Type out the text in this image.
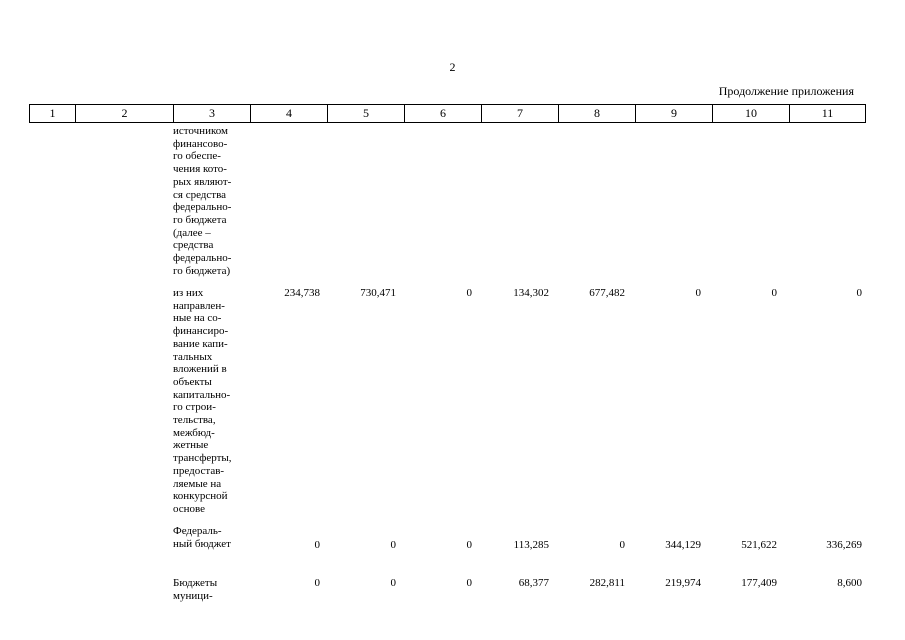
2
Продолжение приложения
1	2	3	4	5	6	7	8	9	10	11
источником
финансово-
го обеспе-
чения кото-
рых являют-
ся средства
федерально-
го бюджета
(далее –
средства
федерально-
го бюджета)
из них
направлен-
ные на со-
финансиро-
вание капи-
тальных
вложений в
объекты
капитально-
го строи-
тельства,
межбюд-
жетные
трансферты,
предостав-
ляемые на
конкурсной
основе
234,738	730,471	0	134,302	677,482	0	0	0
Федераль-
ный бюджет	0	0	0	113,285	0	344,129	521,622	336,269
Бюджеты
муници-
0	0	0	68,377	282,811	219,974	177,409	8,600
